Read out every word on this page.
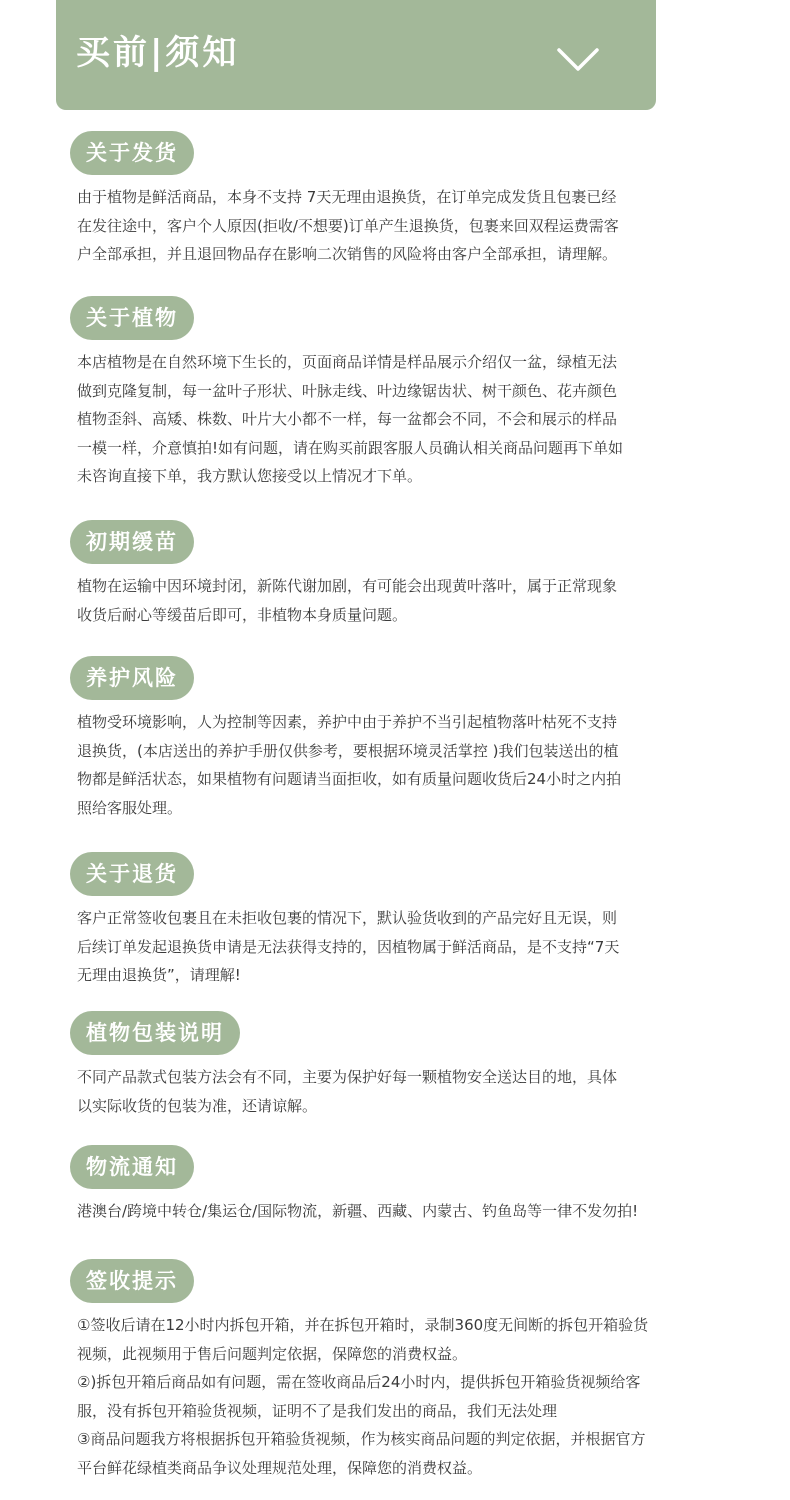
买前|须知
关于发货
由于植物是鲜活商品，本身不支持 7天无理由退换货，在订单完成发货且包裹已经
在发往途中，客户个人原因(拒收/不想要)订单产生退换货，包裹来回双程运费需客
户全部承担，并且退回物品存在影响二次销售的风险将由客户全部承担，请理解。
关于植物
本店植物是在自然环境下生长的，页面商品详情是样品展示介绍仅一盆，绿植无法
做到克隆复制，每一盆叶子形状、叶脉走线、叶边缘锯齿状、树干颜色、花卉颜色
植物歪斜、高矮、株数、叶片大小都不一样，每一盆都会不同，不会和展示的样品
一模一样，介意慎拍!如有问题，请在购买前跟客服人员确认相关商品问题再下单如
未咨询直接下单，我方默认您接受以上情况才下单。
初期缓苗
植物在运输中因环境封闭，新陈代谢加剧，有可能会出现黄叶落叶，属于正常现象
收货后耐心等缓苗后即可，非植物本身质量问题。
养护风险
植物受环境影响，人为控制等因素，养护中由于养护不当引起植物落叶枯死不支持
退换货，(本店送出的养护手册仅供参考，要根据环境灵活掌控 )我们包装送出的植
物都是鲜活状态，如果植物有问题请当面拒收，如有质量问题收货后24小时之内拍
照给客服处理。
关于退货
客户正常签收包裹且在未拒收包裹的情况下，默认验货收到的产品完好且无误，则
后续订单发起退换货申请是无法获得支持的，因植物属于鲜活商品，是不支持“7天
无理由退换货”，请理解!
植物包装说明
不同产品款式包装方法会有不同，主要为保护好每一颗植物安全送达目的地，具体
以实际收货的包装为准，还请谅解。
物流通知
港澳台/跨境中转仓/集运仓/国际物流，新疆、西藏、内蒙古、钓鱼岛等一律不发勿拍!
签收提示
①签收后请在12小时内拆包开箱，并在拆包开箱时，录制360度无间断的拆包开箱验货
视频，此视频用于售后问题判定依据，保障您的消费权益。
②)拆包开箱后商品如有问题，需在签收商品后24小时内，提供拆包开箱验货视频给客
服，没有拆包开箱验货视频，证明不了是我们发出的商品，我们无法处理
③商品问题我方将根据拆包开箱验货视频，作为核实商品问题的判定依据，并根据官方
平台鲜花绿植类商品争议处理规范处理，保障您的消费权益。
